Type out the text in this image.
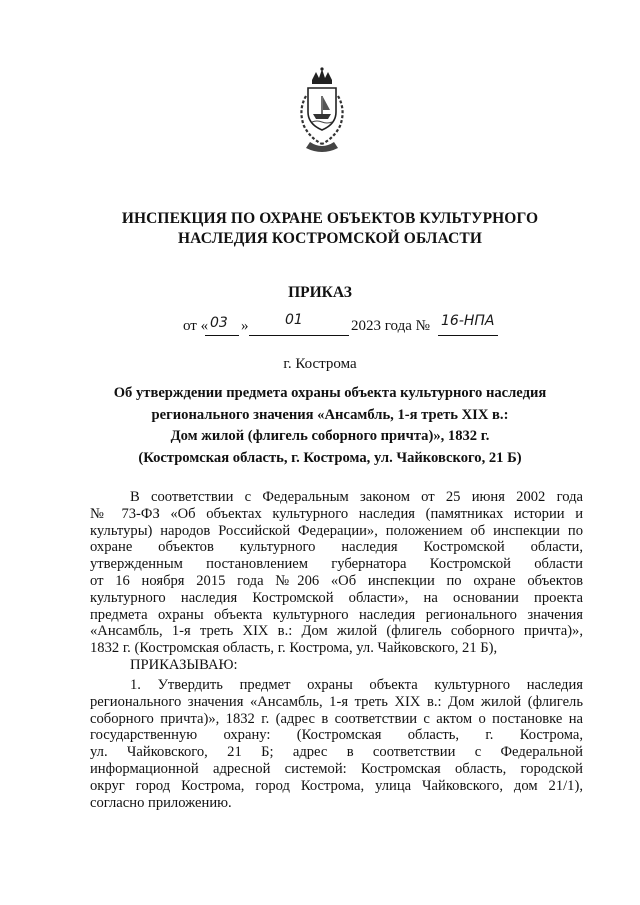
ИНСПЕКЦИЯ ПО ОХРАНЕ ОБЪЕКТОВ КУЛЬТУРНОГО
НАСЛЕДИЯ КОСТРОМСКОЙ ОБЛАСТИ
ПРИКАЗ
от « 03 »	01	2023 года № 16-НПА
г. Кострома
Об утверждении предмета охраны объекта культурного наследия
регионального значения «Ансамбль, 1-я треть XIX в.:
Дом жилой (флигель соборного причта)», 1832 г.
(Костромская область, г. Кострома, ул. Чайковского, 21 Б)
В соответствии с Федеральным законом от 25 июня 2002 года
№ 73-ФЗ «Об объектах культурного наследия (памятниках истории и
культуры) народов Российской Федерации», положением об инспекции по
охране объектов культурного наследия Костромской области,
утвержденным постановлением губернатора Костромской области
от 16 ноября 2015 года №206 «Об инспекции по охране объектов
культурного наследия Костромской области», на основании проекта
предмета охраны объекта культурного наследия регионального значения
«Ансамбль, 1-я треть XIX в.: Дом жилой (флигель соборного причта)»,
1832 г. (Костромская область, г. Кострома, ул. Чайковского, 21 Б),
ПРИКАЗЫВАЮ:
1. Утвердить предмет охраны объекта культурного наследия
регионального значения «Ансамбль, 1-я треть XIX в.: Дом жилой (флигель
соборного причта)», 1832 г. (адрес в соответствии с актом о постановке на
государственную охрану: (Костромская область, г. Кострома,
ул. Чайковского, 21 Б; адрес в соответствии с Федеральной
информационной адресной системой: Костромская область, городской
округ город Кострома, город Кострома, улица Чайковского, дом 21/1),
согласно приложению.
